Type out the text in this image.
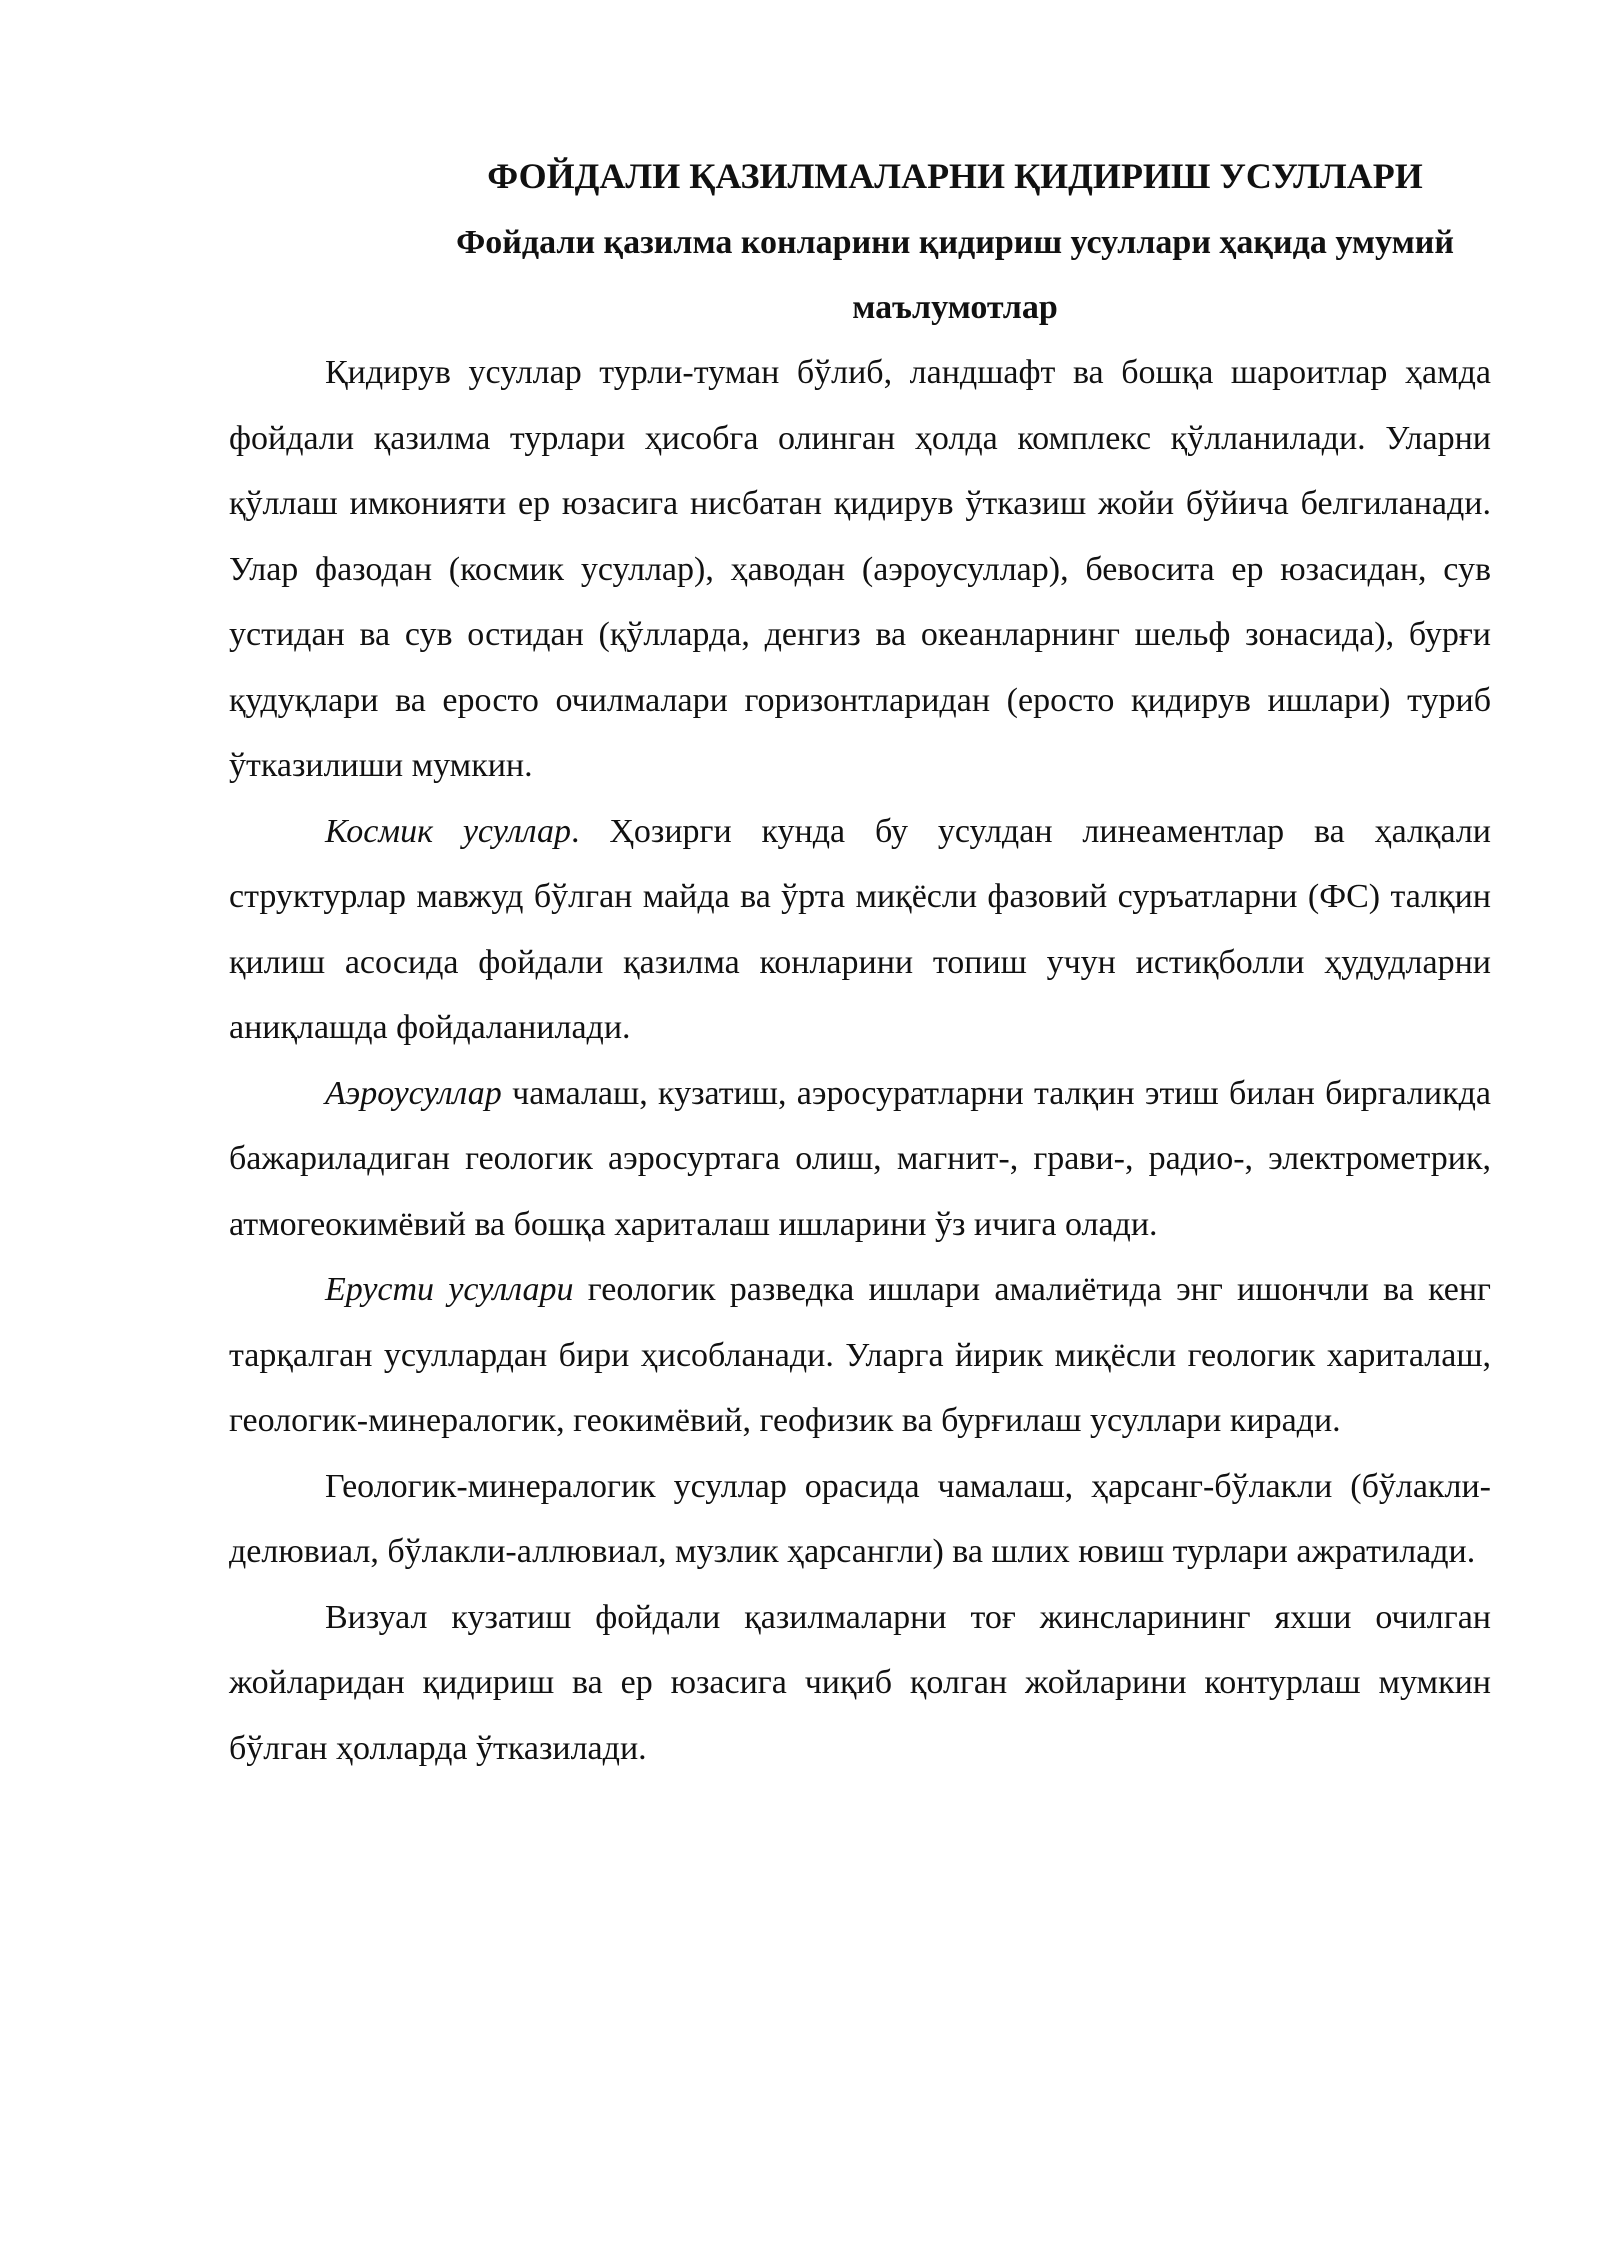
ФОЙДАЛИ ҚАЗИЛМАЛАРНИ ҚИДИРИШ УСУЛЛАРИ
Фойдали қазилма конларини қидириш усуллари ҳақида умумий маълумотлар

Қидирув усуллар турли-туман бўлиб, ландшафт ва бошқа шароитлар ҳамда фойдали қазилма турлари ҳисобга олинган ҳолда комплекс қўлланилади. Уларни қўллаш имконияти ер юзасига нисбатан қидирув ўтказиш жойи бўйича белгиланади. Улар фазодан (космик усуллар), ҳаводан (аэроусуллар), бевосита ер юзасидан, сув устидан ва сув остидан (қўлларда, денгиз ва океанларнинг шельф зонасида), бурғи қудуқлари ва еросто очилмалари горизонтларидан (еросто қидирув ишлари) туриб ўтказилиши мумкин.

Космик усуллар. Ҳозирги кунда бу усулдан линеаментлар ва ҳалқали структурлар мавжуд бўлган майда ва ўрта миқёсли фазовий суръатларни (ФС) талқин қилиш асосида фойдали қазилма конларини топиш учун истиқболли ҳудудларни аниқлашда фойдаланилади.

Аэроусуллар чамалаш, кузатиш, аэросуратларни талқин этиш билан биргаликда бажариладиган геологик аэросуртага олиш, магнит-, грави-, радио-, электрометрик, атмогеокимёвий ва бошқа хариталаш ишларини ўз ичига олади.

Ерусти усуллари геологик разведка ишлари амалиётида энг ишончли ва кенг тарқалган усуллардан бири ҳисобланади. Уларга йирик миқёсли геологик хариталаш, геологик-минералогик, геокимёвий, геофизик ва бурғилаш усуллари киради.

Геологик-минералогик усуллар орасида чамалаш, ҳарсанг-бўлакли (бўлакли-делювиал, бўлакли-аллювиал, музлик ҳарсангли) ва шлих ювиш турлари ажратилади.

Визуал кузатиш фойдали қазилмаларни тоғ жинсларининг яхши очилган жойларидан қидириш ва ер юзасига чиқиб қолган жойларини контурлаш мумкин бўлган ҳолларда ўтказилади.
